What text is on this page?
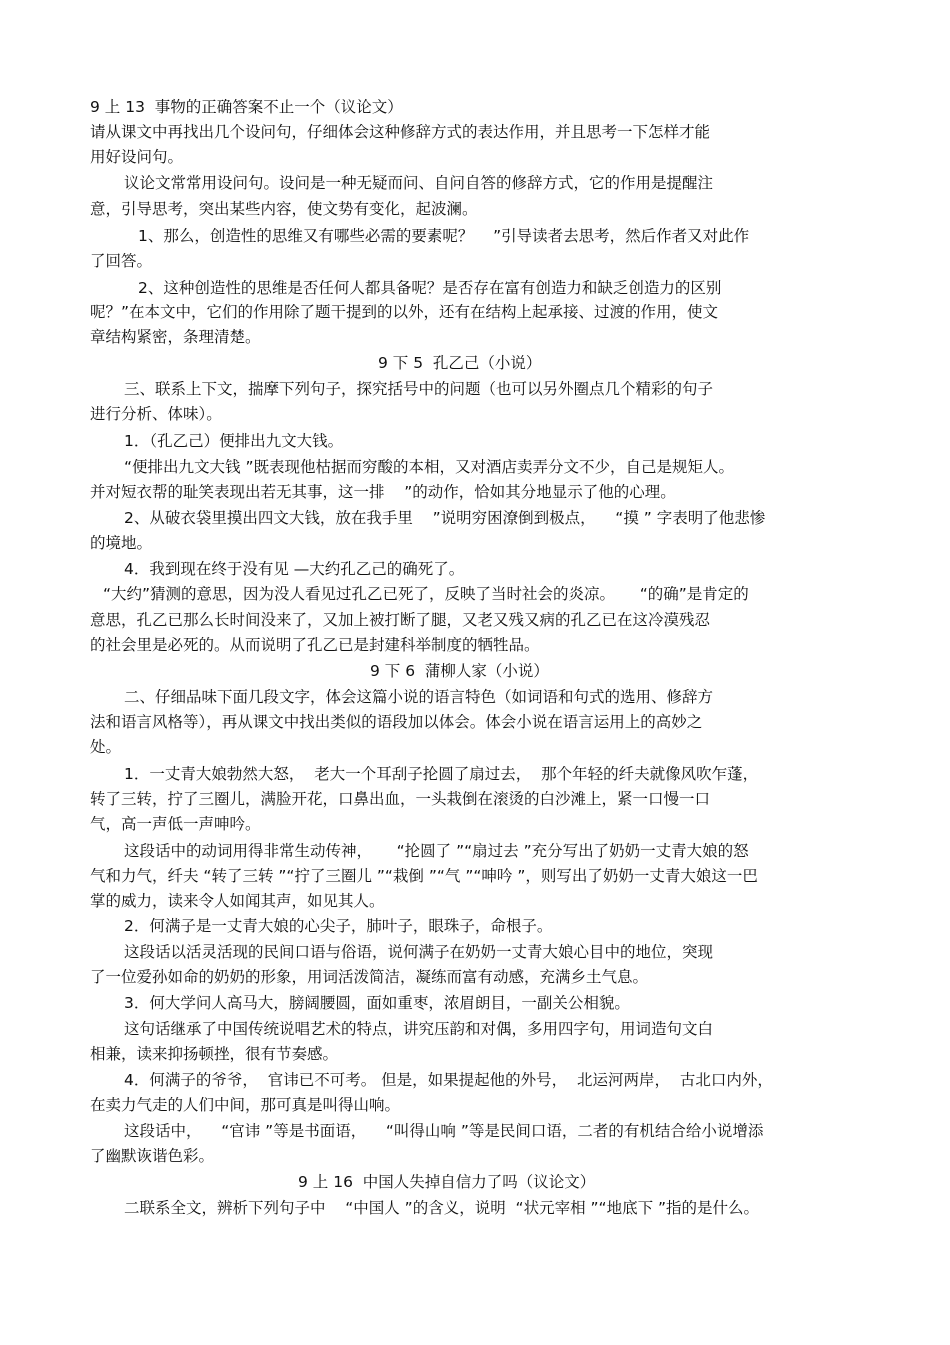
9 上 13  事物的正确答案不止一个（议论文）
请从课文中再找出几个设问句，仔细体会这种修辞方式的表达作用，并且思考一下怎样才能
用好设问句。
议论文常常用设问句。设问是一种无疑而问、自问自答的修辞方式，它的作用是提醒注
意，引导思考，突出某些内容，使文势有变化，起波澜。
1、那么，创造性的思维又有哪些必需的要素呢？    ”引导读者去思考，然后作者又对此作
了回答。
2、这种创造性的思维是否任何人都具备呢？是否存在富有创造力和缺乏创造力的区别
呢？”在本文中，它们的作用除了题干提到的以外，还有在结构上起承接、过渡的作用，使文
章结构紧密，条理清楚。
9 下 5  孔乙己（小说）
三、联系上下文，揣摩下列句子，探究括号中的问题（也可以另外圈点几个精彩的句子
进行分析、体味）。
1．（孔乙己）便排出九文大钱。
“便排出九文大钱 ”既表现他枯据而穷酸的本相，又对酒店卖弄分文不少，自己是规矩人。
并对短衣帮的耻笑表现出若无其事，这一排    ”的动作，恰如其分地显示了他的心理。
2、从破衣袋里摸出四文大钱，放在我手里    ”说明穷困潦倒到极点，    “摸 ” 字表明了他悲惨
的境地。
4．我到现在终于没有见 —大约孔乙己的确死了。
“大约”猜测的意思，因为没人看见过孔乙已死了，反映了当时社会的炎凉。     “的确”是肯定的
意思，孔乙已那么长时间没来了，又加上被打断了腿，又老又残又病的孔乙已在这冷漠残忍
的社会里是必死的。从而说明了孔乙已是封建科举制度的牺牲品。
9 下 6  蒲柳人家（小说）
二、仔细品味下面几段文字，体会这篇小说的语言特色（如词语和句式的选用、修辞方
法和语言风格等），再从课文中找出类似的语段加以体会。体会小说在语言运用上的高妙之
处。
1．一丈青大娘勃然大怒，  老大一个耳刮子抡圆了扇过去，  那个年轻的纤夫就像风吹乍蓬，
转了三转，拧了三圈儿，满脸开花，口鼻出血，一头栽倒在滚烫的白沙滩上，紧一口慢一口
气，高一声低一声呻吟。
这段话中的动词用得非常生动传神，     “抡圆了 ”“扇过去 ”充分写出了奶奶一丈青大娘的怒
气和力气，纤夫 “转了三转 ”“拧了三圈儿 ”“栽倒 ”“气 ”“呻吟 ”，则写出了奶奶一丈青大娘这一巴
掌的威力，读来令人如闻其声，如见其人。
2．何满子是一丈青大娘的心尖子，肺叶子，眼珠子，命根子。
这段话以活灵活现的民间口语与俗语，说何满子在奶奶一丈青大娘心目中的地位，突现
了一位爱孙如命的奶奶的形象，用词活泼简洁，凝练而富有动感，充满乡土气息。
3．何大学问人高马大，膀阔腰圆，面如重枣，浓眉朗目，一副关公相貌。
这句话继承了中国传统说唱艺术的特点，讲究压韵和对偶，多用四字句，用词造句文白
相兼，读来抑扬顿挫，很有节奏感。
4．何满子的爷爷，  官讳已不可考。 但是，如果提起他的外号，  北运河两岸，  古北口内外，
在卖力气走的人们中间，那可真是叫得山响。
这段话中，    “官讳 ”等是书面语，    “叫得山响 ”等是民间口语，二者的有机结合给小说增添
了幽默诙谐色彩。
9 上 16  中国人失掉自信力了吗（议论文）
二联系全文，辨析下列句子中    “中国人 ”的含义，说明  “状元宰相 ”“地底下 ”指的是什么。
